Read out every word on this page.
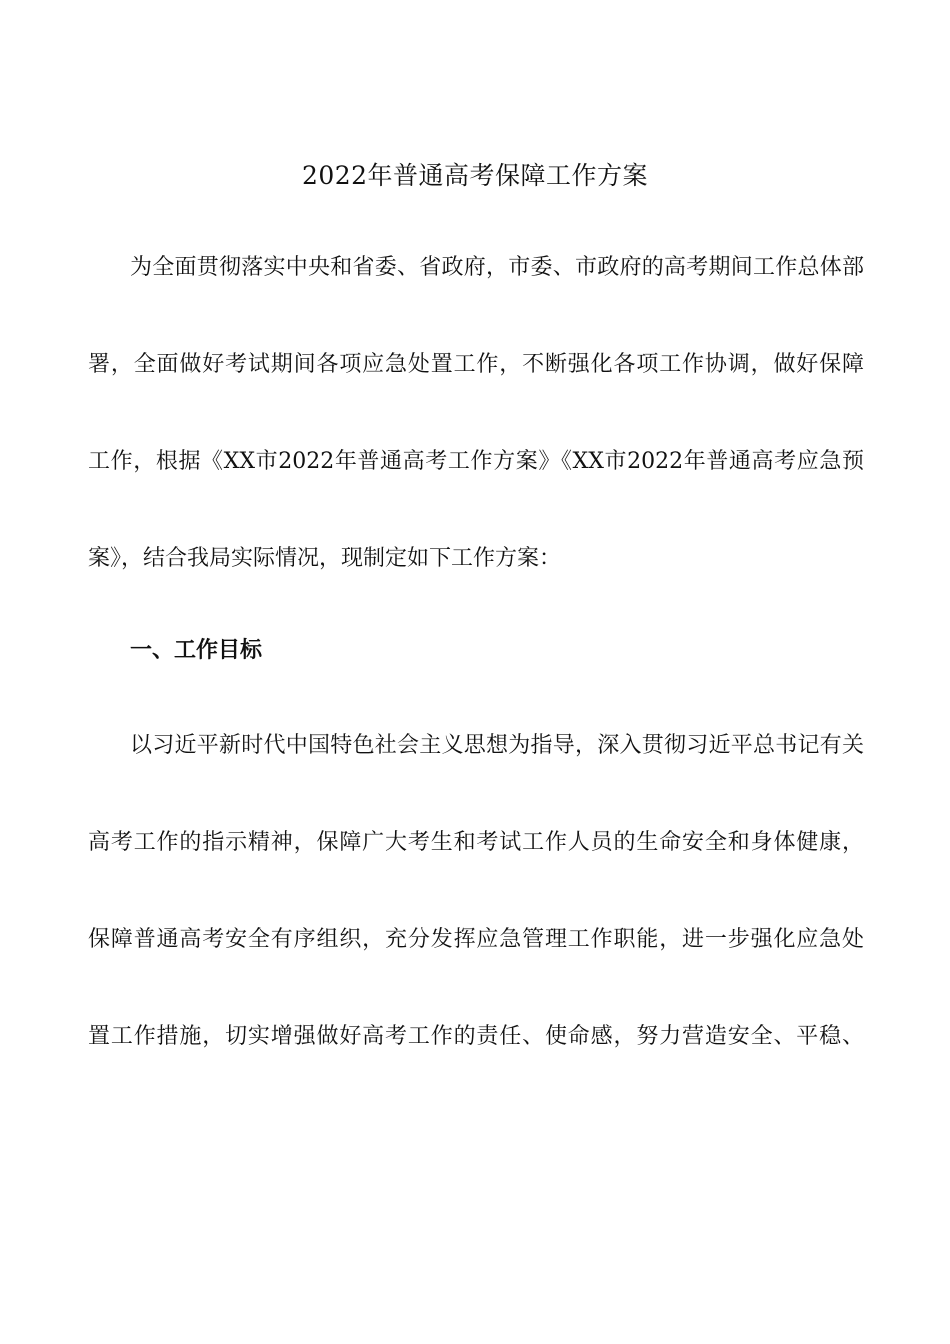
2022年普通高考保障工作方案
为全面贯彻落实中央和省委、省政府，市委、市政府的高考期间工作总体部
署，全面做好考试期间各项应急处置工作，不断强化各项工作协调，做好保障
工作，根据《XX市2022年普通高考工作方案》《XX市2022年普通高考应急预
案》，结合我局实际情况，现制定如下工作方案：
一、工作目标
以习近平新时代中国特色社会主义思想为指导，深入贯彻习近平总书记有关
高考工作的指示精神，保障广大考生和考试工作人员的生命安全和身体健康，
保障普通高考安全有序组织，充分发挥应急管理工作职能，进一步强化应急处
置工作措施，切实增强做好高考工作的责任、使命感，努力营造安全、平稳、
